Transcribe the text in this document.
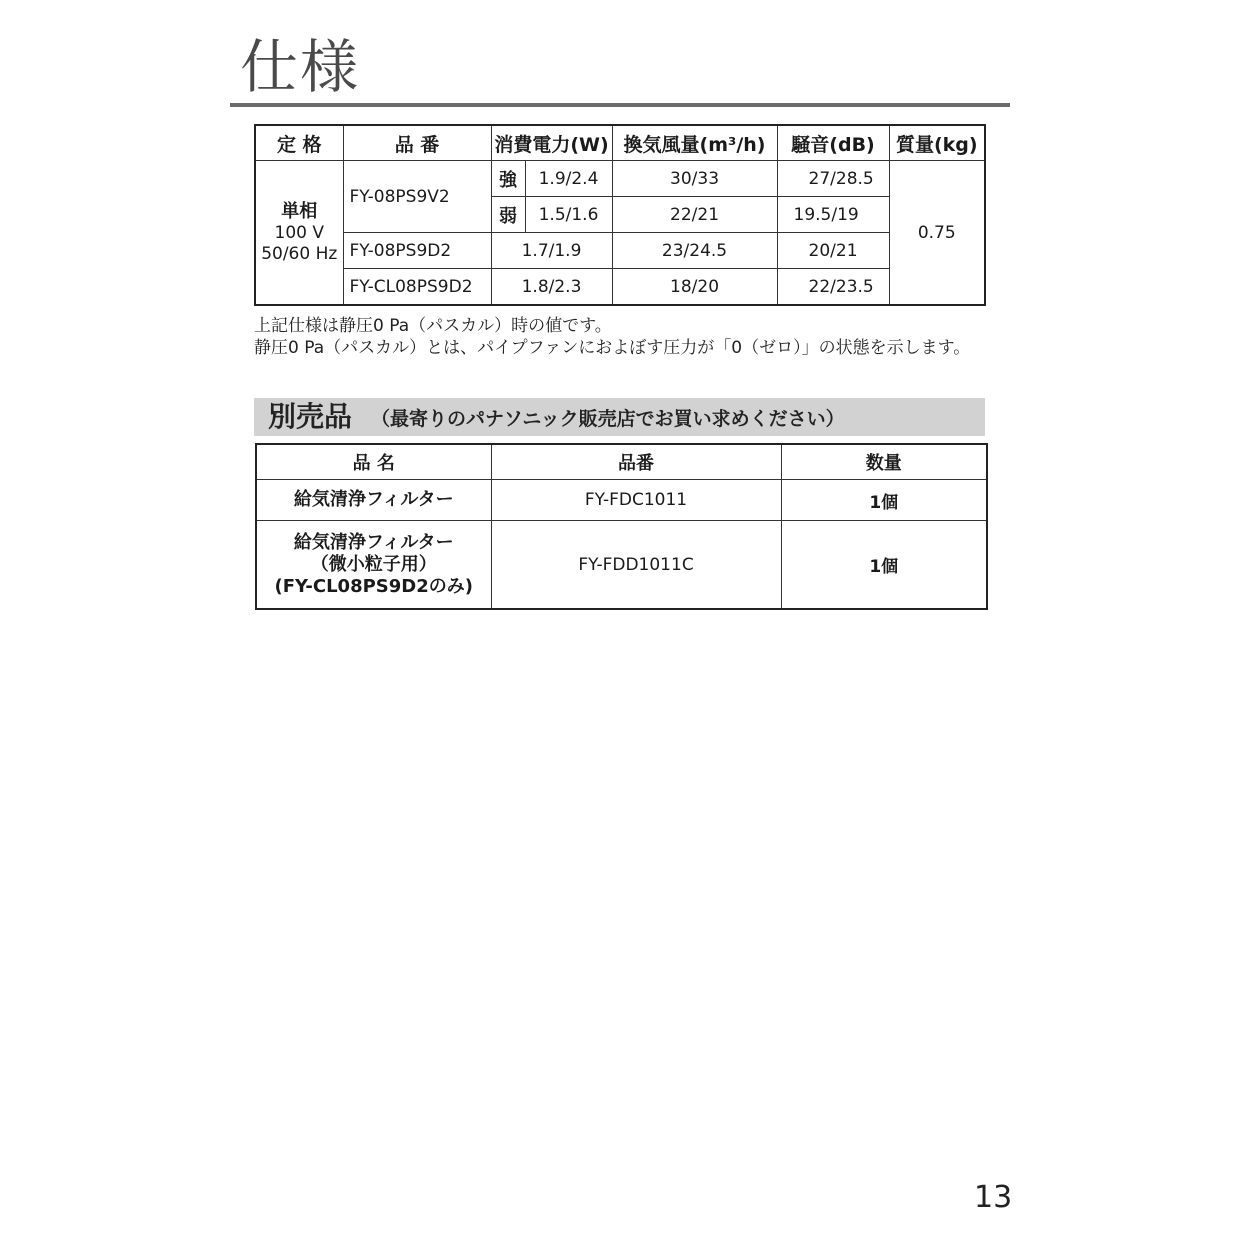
仕様
定 格	品 番	消費電力(W)		換気風量(m³/h)	騒音(dB)	質量(kg)
単相
100 V
50/60 Hz	FY-08PS9V2	強	1.9/2.4	30/33	27/28.5	0.75
		弱	1.5/1.6	22/21	19.5/19	
	FY-08PS9D2	1.7/1.9		23/24.5	20/21	
	FY-CL08PS9D2	1.8/2.3		18/20	22/23.5	
上記仕様は静圧0 Pa（パスカル）時の値です。
静圧0 Pa（パスカル）とは、パイプファンにおよぼす圧力が「0（ゼロ）」の状態を示します。
別売品 （最寄りのパナソニック販売店でお買い求めください）
品 名	品番	数量
給気清浄フィルター	FY-FDC1011	1個
給気清浄フィルター
（微小粒子用）
(FY-CL08PS9D2のみ)	FY-FDD1011C	1個
13
